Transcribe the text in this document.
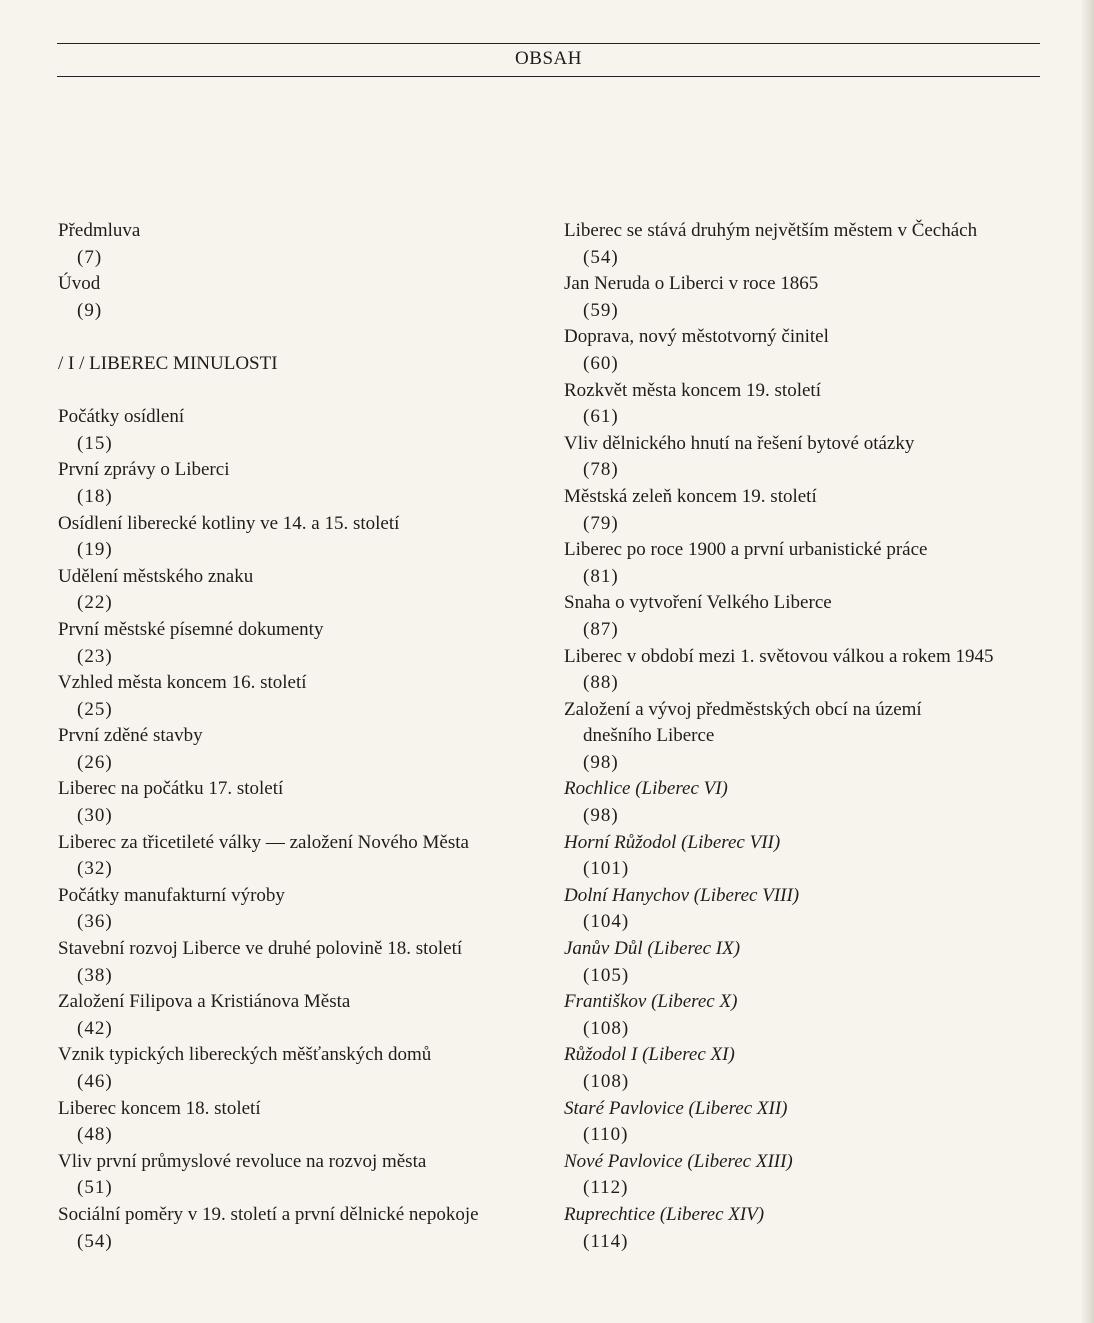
OBSAH
Předmluva
(7)
Úvod
(9)
/ I / LIBEREC MINULOSTI
Počátky osídlení
(15)
První zprávy o Liberci
(18)
Osídlení liberecké kotliny ve 14. a 15. století
(19)
Udělení městského znaku
(22)
První městské písemné dokumenty
(23)
Vzhled města koncem 16. století
(25)
První zděné stavby
(26)
Liberec na počátku 17. století
(30)
Liberec za třicetileté války — založení Nového Města
(32)
Počátky manufakturní výroby
(36)
Stavební rozvoj Liberce ve druhé polovině 18. století
(38)
Založení Filipova a Kristiánova Města
(42)
Vznik typických libereckých měšťanských domů
(46)
Liberec koncem 18. století
(48)
Vliv první průmyslové revoluce na rozvoj města
(51)
Sociální poměry v 19. století a první dělnické nepokoje
(54)
Liberec se stává druhým největším městem v Čechách
(54)
Jan Neruda o Liberci v roce 1865
(59)
Doprava, nový městotvorný činitel
(60)
Rozkvět města koncem 19. století
(61)
Vliv dělnického hnutí na řešení bytové otázky
(78)
Městská zeleň koncem 19. století
(79)
Liberec po roce 1900 a první urbanistické práce
(81)
Snaha o vytvoření Velkého Liberce
(87)
Liberec v období mezi 1. světovou válkou a rokem 1945
(88)
Založení a vývoj předměstských obcí na území
dnešního Liberce
(98)
Rochlice (Liberec VI)
(98)
Horní Růžodol (Liberec VII)
(101)
Dolní Hanychov (Liberec VIII)
(104)
Janův Důl (Liberec IX)
(105)
Františkov (Liberec X)
(108)
Růžodol I (Liberec XI)
(108)
Staré Pavlovice (Liberec XII)
(110)
Nové Pavlovice (Liberec XIII)
(112)
Ruprechtice (Liberec XIV)
(114)
